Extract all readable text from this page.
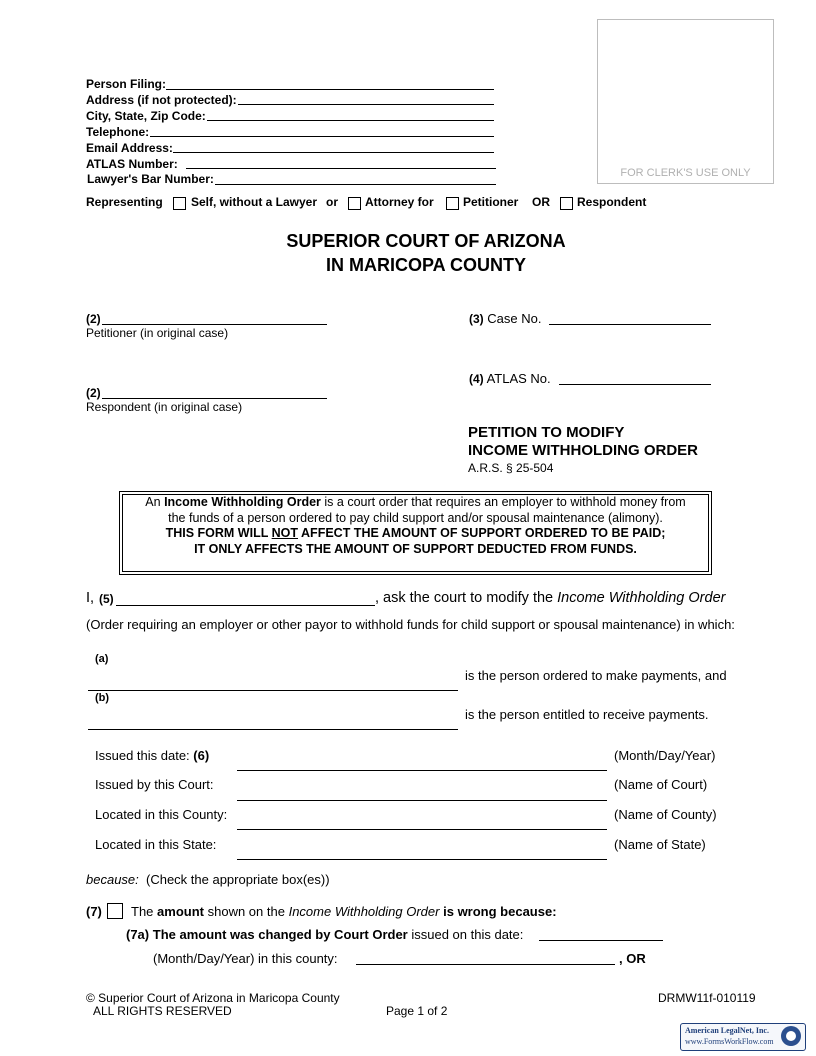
FOR CLERK'S USE ONLY
Person Filing:
Address (if not protected):
City, State, Zip Code:
Telephone:
Email Address:
ATLAS Number:
Lawyer's Bar Number:
Representing Self, without a Lawyer or Attorney for Petitioner OR Respondent
SUPERIOR COURT OF ARIZONA
IN MARICOPA COUNTY
(2)
Petitioner (in original case)
(2)
Respondent (in original case)
(3) Case No.
(4) ATLAS No.
PETITION TO MODIFY
INCOME WITHHOLDING ORDER
A.R.S. § 25-504
An Income Withholding Order is a court order that requires an employer to withhold money from
the funds of a person ordered to pay child support and/or spousal maintenance (alimony).
THIS FORM WILL NOT AFFECT THE AMOUNT OF SUPPORT ORDERED TO BE PAID;
IT ONLY AFFECTS THE AMOUNT OF SUPPORT DEDUCTED FROM FUNDS.
I, (5)	, ask the court to modify the Income Withholding Order
(Order requiring an employer or other payor to withhold funds for child support or spousal maintenance) in which:
(a)
is the person ordered to make payments, and
(b)
is the person entitled to receive payments.
Issued this date: (6)	(Month/Day/Year)
Issued by this Court:	(Name of Court)
Located in this County:	(Name of County)
Located in this State:	(Name of State)
because: (Check the appropriate box(es))
(7) The amount shown on the Income Withholding Order is wrong because:
(7a) The amount was changed by Court Order issued on this date:
(Month/Day/Year) in this county:	, OR
© Superior Court of Arizona in Maricopa County
ALL RIGHTS RESERVED	Page 1 of 2
DRMW11f-010119
American LegalNet, Inc.
www.FormsWorkFlow.com
